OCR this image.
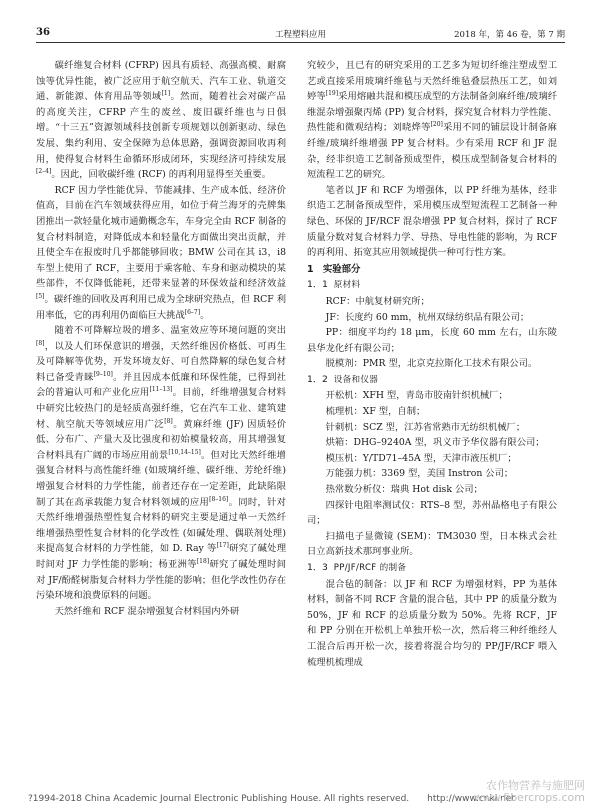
36	工程塑料应用	2018 年，第 46 卷，第 7 期

碳纤维复合材料 (CFRP) 因具有质轻、高强高模、耐腐蚀等优异性能，被广泛应用于航空航天、汽车工业、轨道交通、新能源、体育用品等领域[1]。然而，随着社会对碳产品的高度关注，CFRP 产生的废丝、废旧碳纤维也与日俱增。“十三五”资源领域科技创新专项规划以创新驱动、绿色发展、集约利用、安全保障为总体思路，强调资源回收再利用，使得复合材料生命循环形成闭环，实现经济可持续发展[2–4]。因此，回收碳纤维 (RCF) 的再利用显得至关重要。

RCF 因力学性能优异、节能减排、生产成本低、经济价值高，目前在汽车领域获得应用，如位于荷兰海牙的壳牌集团推出一款轻量化城市通勤概念车，车身完全由 RCF 制备的复合材料制造，对降低成本和轻量化方面做出突出贡献，并且使全车在报废时几乎都能够回收；BMW 公司在其 i3，i8 车型上使用了 RCF，主要用于乘客舱、车身和驱动模块的某些部件，不仅降低能耗，还带来显著的环保效益和经济效益[5]。碳纤维的回收及再利用已成为全球研究热点，但 RCF 利用率低，它的再利用仍面临巨大挑战[6–7]。

随着不可降解垃圾的增多、温室效应等环境问题的突出[8]，以及人们环保意识的增强，天然纤维因价格低、可再生及可降解等优势，开发环境友好、可自然降解的绿色复合材料已备受青睐[9–10]。并且因成本低廉和环保性能，已得到社会的普遍认可和产业化应用[11–13]。目前，纤维增强复合材料中研究比较热门的是轻质高强纤维，它在汽车工业、建筑建材、航空航天等领域应用广泛[8]。黄麻纤维 (JF) 因质轻价低、分布广、产量大及比强度和初始模量较高，用其增强复合材料具有广阔的市场应用前景[10,14–15]。但对比天然纤维增强复合材料与高性能纤维 (如玻璃纤维、碳纤维、芳纶纤维) 增强复合材料的力学性能，前者还存在一定差距，此缺陷限制了其在高承载能力复合材料领域的应用[8–16]。同时，针对天然纤维增强热塑性复合材料的研究主要是通过单一天然纤维增强热塑性复合材料的化学改性 (如碱处理、偶联剂处理) 来提高复合材料的力学性能，如 D. Ray 等[17]研究了碱处理时间对 JF 力学性能的影响；杨亚洲等[18]研究了碱处理时间对 JF/酚醛树脂复合材料力学性能的影响；但化学改性仍存在污染环境和浪费原料的问题。

天然纤维和 RCF 混杂增强复合材料国内外研

究较少，且已有的研究采用的工艺多为短切纤维注塑成型工艺或直接采用玻璃纤维毡与天然纤维毡叠层热压工艺，如刘婷等[19]采用熔融共混和模压成型的方法制备剑麻纤维/玻璃纤维混杂增强聚丙烯 (PP) 复合材料，探究复合材料力学性能、热性能和微观结构；刘晓烨等[20]采用不同的铺层设计制备麻纤维/玻璃纤维增强 PP 复合材料。少有采用 RCF 和 JF 混杂，经非织造工艺制备预成型件，模压成型制备复合材料的短流程工艺的研究。

笔者以 JF 和 RCF 为增强体，以 PP 纤维为基体，经非织造工艺制备预成型件，采用模压成型短流程工艺制备一种绿色、环保的 JF/RCF 混杂增强 PP 复合材料，探讨了 RCF 质量分数对复合材料力学、导热、导电性能的影响，为 RCF 的再利用、拓宽其应用领域提供一种可行性方案。

1　实验部分

1．1 原材料

RCF：中航复材研究所；

JF：长度约 60 mm，杭州双绿纺织品有限公司；

PP：细度平均约 18 μm，长度 60 mm 左右，山东陵县华龙化纤有限公司；

脱模剂：PMR 型，北京克拉斯化工技术有限公司。

1．2 设备和仪器

开松机：XFH 型，青岛市胶南针织机械厂；

梳理机：XF 型，自制；

针刺机：SCZ 型，江苏省常熟市无纺织机械厂；

烘箱：DHG–9240A 型，巩义市予华仪器有限公司；

模压机：Y/TD71–45A 型，天津市液压机厂；

万能强力机：3369 型，美国 Instron 公司；

热常数分析仪：瑞典 Hot disk 公司；

四探针电阻率测试仪：RTS–8 型，苏州晶格电子有限公司；

扫描电子显微镜 (SEM)：TM3030 型，日本株式会社日立高新技术那珂事业所。

1．3 PP/JF/RCF 的制备

混合毡的制备：以 JF 和 RCF 为增强材料，PP 为基体材料，制备不同 RCF 含量的混合毡，其中 PP 的质量分数为 50%，JF 和 RCF 的总质量分数为 50%。先将 RCF，JF 和 PP 分别在开松机上单独开松一次，然后将三种纤维经人工混合后再开松一次，接着将混合均匀的 PP/JF/RCF 喂入梳理机梳理成

?1994-2018 China Academic Journal Electronic Publishing House. All rights reserved.　　http://www.cnki.net
农作物营养与施肥网
www.fibercrops.com
